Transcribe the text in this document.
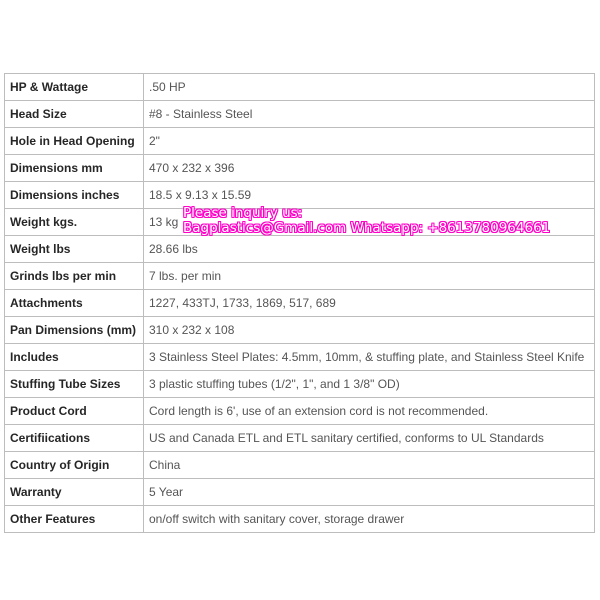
HP & Wattage	.50 HP
Head Size	#8 - Stainless Steel
Hole in Head Opening	2"
Dimensions mm	470 x 232 x 396
Dimensions inches	18.5 x 9.13 x 15.59
Weight kgs.	13 kg
Weight lbs	28.66 lbs
Grinds lbs per min	7 lbs. per min
Attachments	1227, 433TJ, 1733, 1869, 517, 689
Pan Dimensions (mm)	310 x 232 x 108
Includes	3 Stainless Steel Plates: 4.5mm, 10mm, & stuffing plate, and Stainless Steel Knife
Stuffing Tube Sizes	3 plastic stuffing tubes (1/2", 1", and 1 3/8" OD)
Product Cord	Cord length is 6', use of an extension cord is not recommended.
Certifiications	US and Canada ETL and ETL sanitary certified, conforms to UL Standards
Country of Origin	China
Warranty	5 Year
Other Features	on/off switch with sanitary cover, storage drawer
Please inquiry us:
Bagplastics@Gmail.com Whatsapp: +8613780964661
